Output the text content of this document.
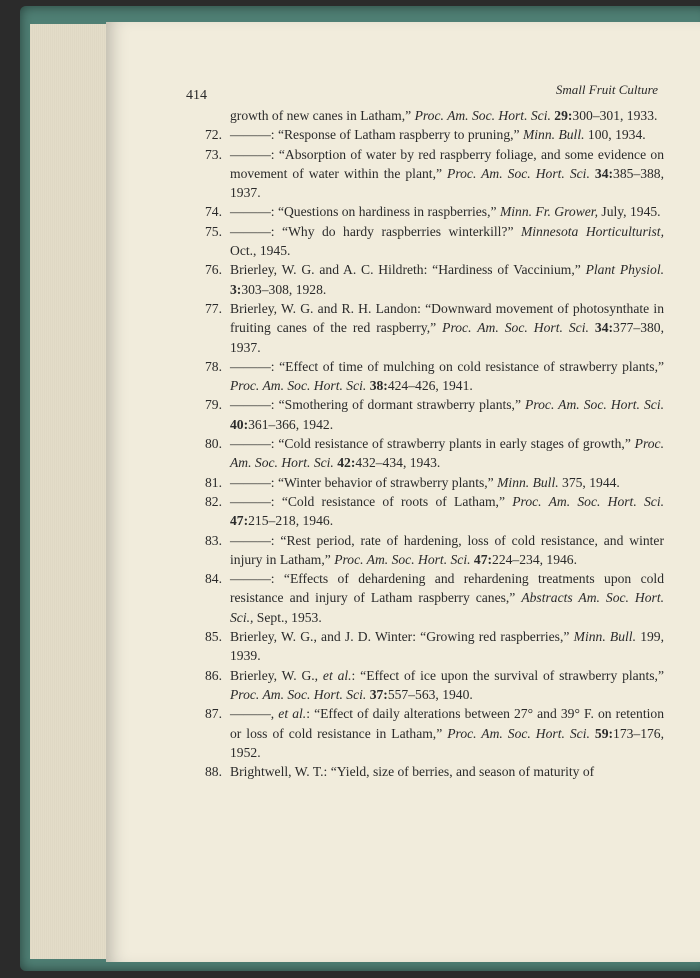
414	Small Fruit Culture
growth of new canes in Latham,” Proc. Am. Soc. Hort. Sci. 29:300–301, 1933.
72. ———: “Response of Latham raspberry to pruning,” Minn. Bull. 100, 1934.
73. ———: “Absorption of water by red raspberry foliage, and some evidence on movement of water within the plant,” Proc. Am. Soc. Hort. Sci. 34:385–388, 1937.
74. ———: “Questions on hardiness in raspberries,” Minn. Fr. Grower, July, 1945.
75. ———: “Why do hardy raspberries winterkill?” Minnesota Horticulturist, Oct., 1945.
76. Brierley, W. G. and A. C. Hildreth: “Hardiness of Vaccinium,” Plant Physiol. 3:303–308, 1928.
77. Brierley, W. G. and R. H. Landon: “Downward movement of photosynthate in fruiting canes of the red raspberry,” Proc. Am. Soc. Hort. Sci. 34:377–380, 1937.
78. ———: “Effect of time of mulching on cold resistance of strawberry plants,” Proc. Am. Soc. Hort. Sci. 38:424–426, 1941.
79. ———: “Smothering of dormant strawberry plants,” Proc. Am. Soc. Hort. Sci. 40:361–366, 1942.
80. ———: “Cold resistance of strawberry plants in early stages of growth,” Proc. Am. Soc. Hort. Sci. 42:432–434, 1943.
81. ———: “Winter behavior of strawberry plants,” Minn. Bull. 375, 1944.
82. ———: “Cold resistance of roots of Latham,” Proc. Am. Soc. Hort. Sci. 47:215–218, 1946.
83. ———: “Rest period, rate of hardening, loss of cold resistance, and winter injury in Latham,” Proc. Am. Soc. Hort. Sci. 47:224–234, 1946.
84. ———: “Effects of dehardening and rehardening treatments upon cold resistance and injury of Latham raspberry canes,” Abstracts Am. Soc. Hort. Sci., Sept., 1953.
85. Brierley, W. G., and J. D. Winter: “Growing red raspberries,” Minn. Bull. 199, 1939.
86. Brierley, W. G., et al.: “Effect of ice upon the survival of strawberry plants,” Proc. Am. Soc. Hort. Sci. 37:557–563, 1940.
87. ———, et al.: “Effect of daily alterations between 27° and 39° F. on retention or loss of cold resistance in Latham,” Proc. Am. Soc. Hort. Sci. 59:173–176, 1952.
88. Brightwell, W. T.: “Yield, size of berries, and season of maturity of
